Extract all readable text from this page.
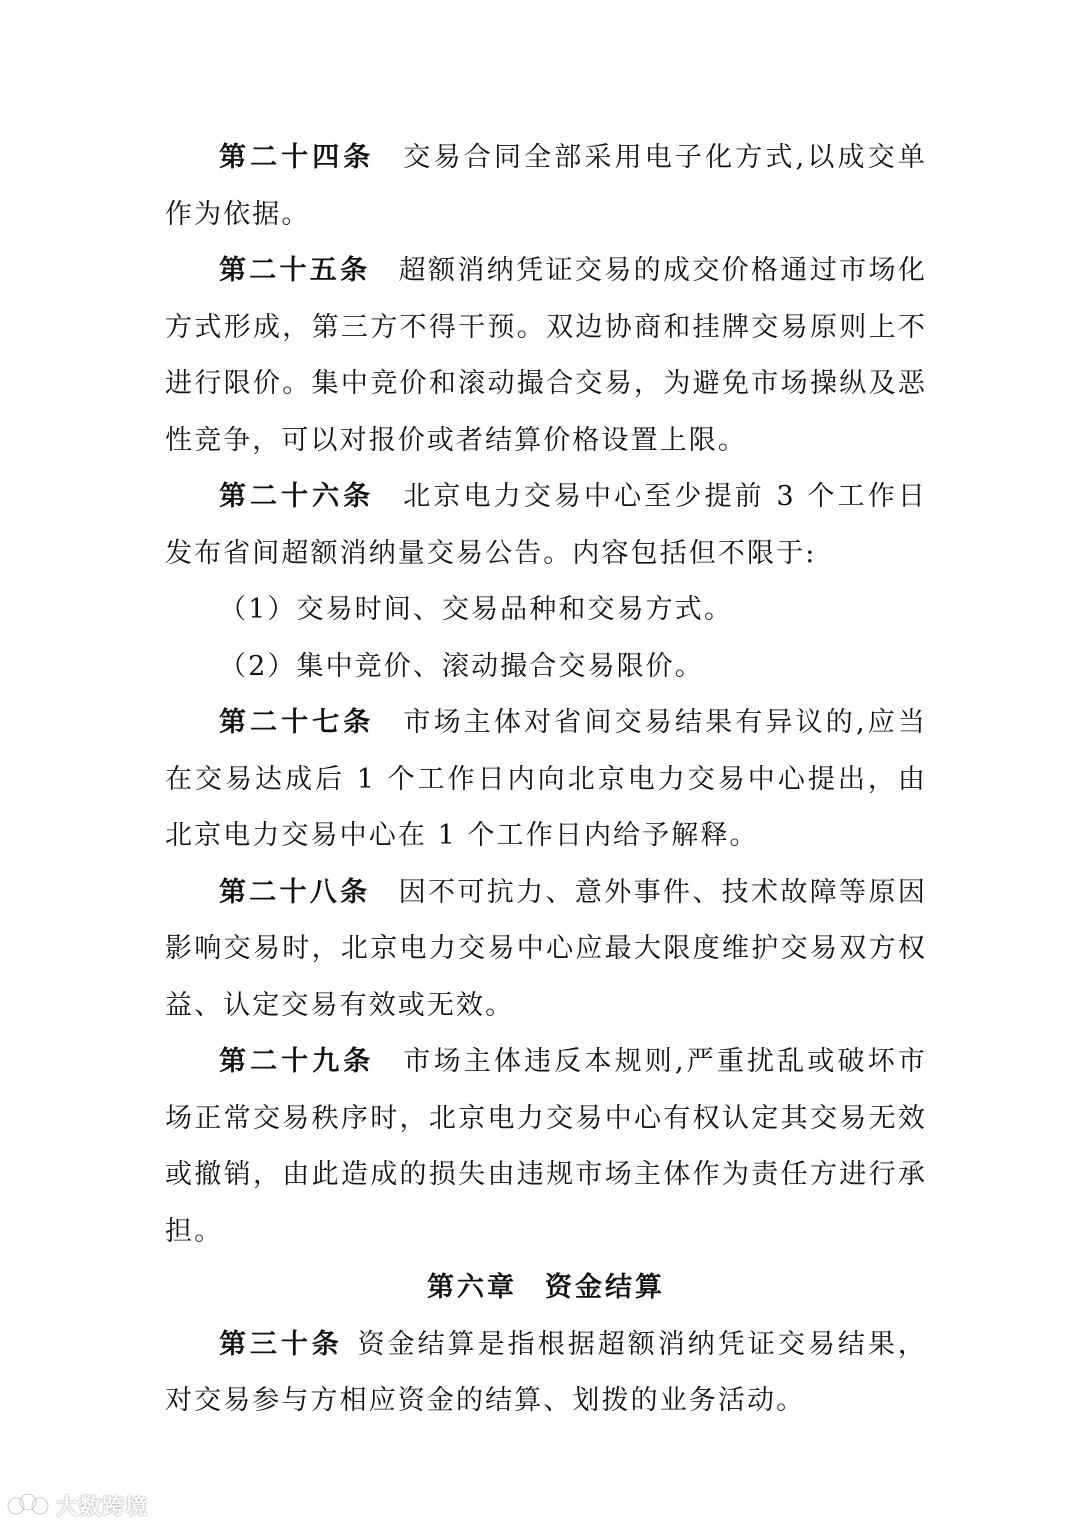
第二十四条 交易合同全部采用电子化方式,以成交单作为依据。

第二十五条 超额消纳凭证交易的成交价格通过市场化方式形成，第三方不得干预。双边协商和挂牌交易原则上不进行限价。集中竞价和滚动撮合交易，为避免市场操纵及恶性竞争，可以对报价或者结算价格设置上限。

第二十六条 北京电力交易中心至少提前 3 个工作日发布省间超额消纳量交易公告。内容包括但不限于:

（1）交易时间、交易品种和交易方式。

（2）集中竞价、滚动撮合交易限价。

第二十七条 市场主体对省间交易结果有异议的,应当在交易达成后 1 个工作日内向北京电力交易中心提出，由北京电力交易中心在 1 个工作日内给予解释。

第二十八条 因不可抗力、意外事件、技术故障等原因影响交易时，北京电力交易中心应最大限度维护交易双方权益、认定交易有效或无效。

第二十九条 市场主体违反本规则,严重扰乱或破坏市场正常交易秩序时，北京电力交易中心有权认定其交易无效或撤销，由此造成的损失由违规市场主体作为责任方进行承担。

第六章 资金结算

第三十条 资金结算是指根据超额消纳凭证交易结果，对交易参与方相应资金的结算、划拨的业务活动。

大数跨境
